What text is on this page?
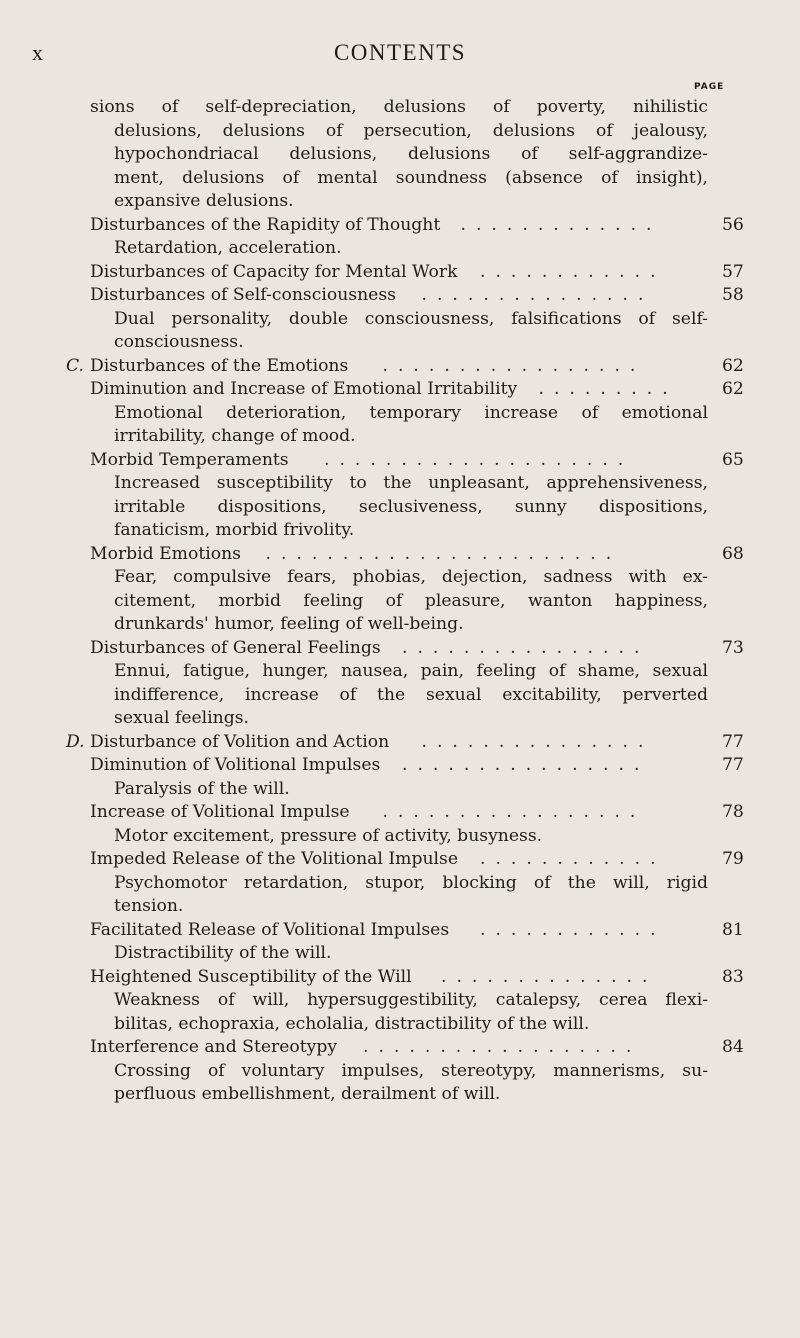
x	CONTENTS
PAGE
sions of self-depreciation, delusions of poverty, nihilistic
delusions, delusions of persecution, delusions of jealousy,
hypochondriacal delusions, delusions of self-aggrandize-
ment, delusions of mental soundness (absence of insight),
expansive delusions.
Disturbances of the Rapidity of Thought	56
.............
Retardation, acceleration.
Disturbances of Capacity for Mental Work	57
............
Disturbances of Self-consciousness	58
...............
Dual personality, double consciousness, falsifications of self-
consciousness.
C. Disturbances of the Emotions	62
.................
Diminution and Increase of Emotional Irritability	62
.........
Emotional deterioration, temporary increase of emotional
irritability, change of mood.
Morbid Temperaments	65
....................
Increased susceptibility to the unpleasant, apprehensiveness,
irritable dispositions, seclusiveness, sunny dispositions,
fanaticism, morbid frivolity.
Morbid Emotions	68
.......................
Fear, compulsive fears, phobias, dejection, sadness with ex-
citement, morbid feeling of pleasure, wanton happiness,
drunkards' humor, feeling of well-being.
Disturbances of General Feelings	73
................
Ennui, fatigue, hunger, nausea, pain, feeling of shame, sexual
indifference, increase of the sexual excitability, perverted
sexual feelings.
D. Disturbance of Volition and Action	77
...............
Diminution of Volitional Impulses	77
................
Paralysis of the will.
Increase of Volitional Impulse	78
.................
Motor excitement, pressure of activity, busyness.
Impeded Release of the Volitional Impulse	79
............
Psychomotor retardation, stupor, blocking of the will, rigid
tension.
Facilitated Release of Volitional Impulses	81
............
Distractibility of the will.
Heightened Susceptibility of the Will	83
..............
Weakness of will, hypersuggestibility, catalepsy, cerea flexi-
bilitas, echopraxia, echolalia, distractibility of the will.
Interference and Stereotypy	84
..................
Crossing of voluntary impulses, stereotypy, mannerisms, su-
perfluous embellishment, derailment of will.
